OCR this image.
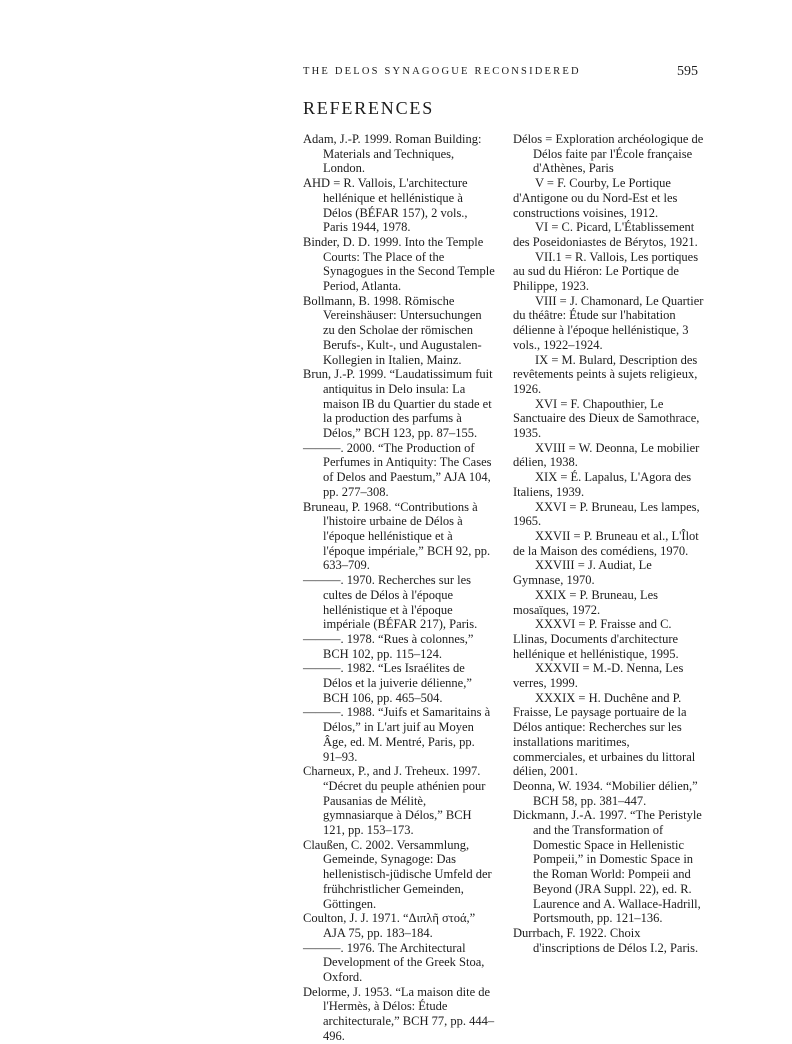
THE DELOS SYNAGOGUE RECONSIDERED	595
REFERENCES

Adam, J.-P. 1999. Roman Building: Materials and Techniques, London.

AHD = R. Vallois, L'architecture hellénique et hellénistique à Délos (BÉFAR 157), 2 vols., Paris 1944, 1978.

Binder, D. D. 1999. Into the Temple Courts: The Place of the Synagogues in the Second Temple Period, Atlanta.

Bollmann, B. 1998. Römische Vereinshäuser: Untersuchungen zu den Scholae der römischen Berufs-, Kult-, und Augustalen-Kollegien in Italien, Mainz.

Brun, J.-P. 1999. “Laudatissimum fuit antiquitus in Delo insula: La maison IB du Quartier du stade et la production des parfums à Délos,” BCH 123, pp. 87–155.

———. 2000. “The Production of Perfumes in Antiquity: The Cases of Delos and Paestum,” AJA 104, pp. 277–308.

Bruneau, P. 1968. “Contributions à l'histoire urbaine de Délos à l'époque hellénistique et à l'époque impériale,” BCH 92, pp. 633–709.

———. 1970. Recherches sur les cultes de Délos à l'époque hellénistique et à l'époque impériale (BÉFAR 217), Paris.

———. 1978. “Rues à colonnes,” BCH 102, pp. 115–124.

———. 1982. “Les Israélites de Délos et la juiverie délienne,” BCH 106, pp. 465–504.

———. 1988. “Juifs et Samaritains à Délos,” in L'art juif au Moyen Âge, ed. M. Mentré, Paris, pp. 91–93.

Charneux, P., and J. Treheux. 1997. “Décret du peuple athénien pour Pausanias de Mélitè, gymnasiarque à Délos,” BCH 121, pp. 153–173.

Claußen, C. 2002. Versammlung, Gemeinde, Synagoge: Das hellenistisch-jüdische Umfeld der frühchristlicher Gemeinden, Göttingen.

Coulton, J. J. 1971. “Διπλῆ στοά,” AJA 75, pp. 183–184.

———. 1976. The Architectural Development of the Greek Stoa, Oxford.

Delorme, J. 1953. “La maison dite de l'Hermès, à Délos: Étude architecturale,” BCH 77, pp. 444–496.

Délos = Exploration archéologique de Délos faite par l'École française d'Athènes, Paris

V = F. Courby, Le Portique d'Antigone ou du Nord-Est et les constructions voisines, 1912.

VI = C. Picard, L'Établissement des Poseidoniastes de Bérytos, 1921.

VII.1 = R. Vallois, Les portiques au sud du Hiéron: Le Portique de Philippe, 1923.

VIII = J. Chamonard, Le Quartier du théâtre: Étude sur l'habitation délienne à l'époque hellénistique, 3 vols., 1922–1924.

IX = M. Bulard, Description des revêtements peints à sujets religieux, 1926.

XVI = F. Chapouthier, Le Sanctuaire des Dieux de Samothrace, 1935.

XVIII = W. Deonna, Le mobilier délien, 1938.

XIX = É. Lapalus, L'Agora des Italiens, 1939.

XXVI = P. Bruneau, Les lampes, 1965.

XXVII = P. Bruneau et al., L'Îlot de la Maison des comédiens, 1970.

XXVIII = J. Audiat, Le Gymnase, 1970.

XXIX = P. Bruneau, Les mosaïques, 1972.

XXXVI = P. Fraisse and C. Llinas, Documents d'architecture hellénique et hellénistique, 1995.

XXXVII = M.-D. Nenna, Les verres, 1999.

XXXIX = H. Duchêne and P. Fraisse, Le paysage portuaire de la Délos antique: Recherches sur les installations maritimes, commerciales, et urbaines du littoral délien, 2001.

Deonna, W. 1934. “Mobilier délien,” BCH 58, pp. 381–447.

Dickmann, J.-A. 1997. “The Peristyle and the Transformation of Domestic Space in Hellenistic Pompeii,” in Domestic Space in the Roman World: Pompeii and Beyond (JRA Suppl. 22), ed. R. Laurence and A. Wallace-Hadrill, Portsmouth, pp. 121–136.

Durrbach, F. 1922. Choix d'inscriptions de Délos I.2, Paris.
